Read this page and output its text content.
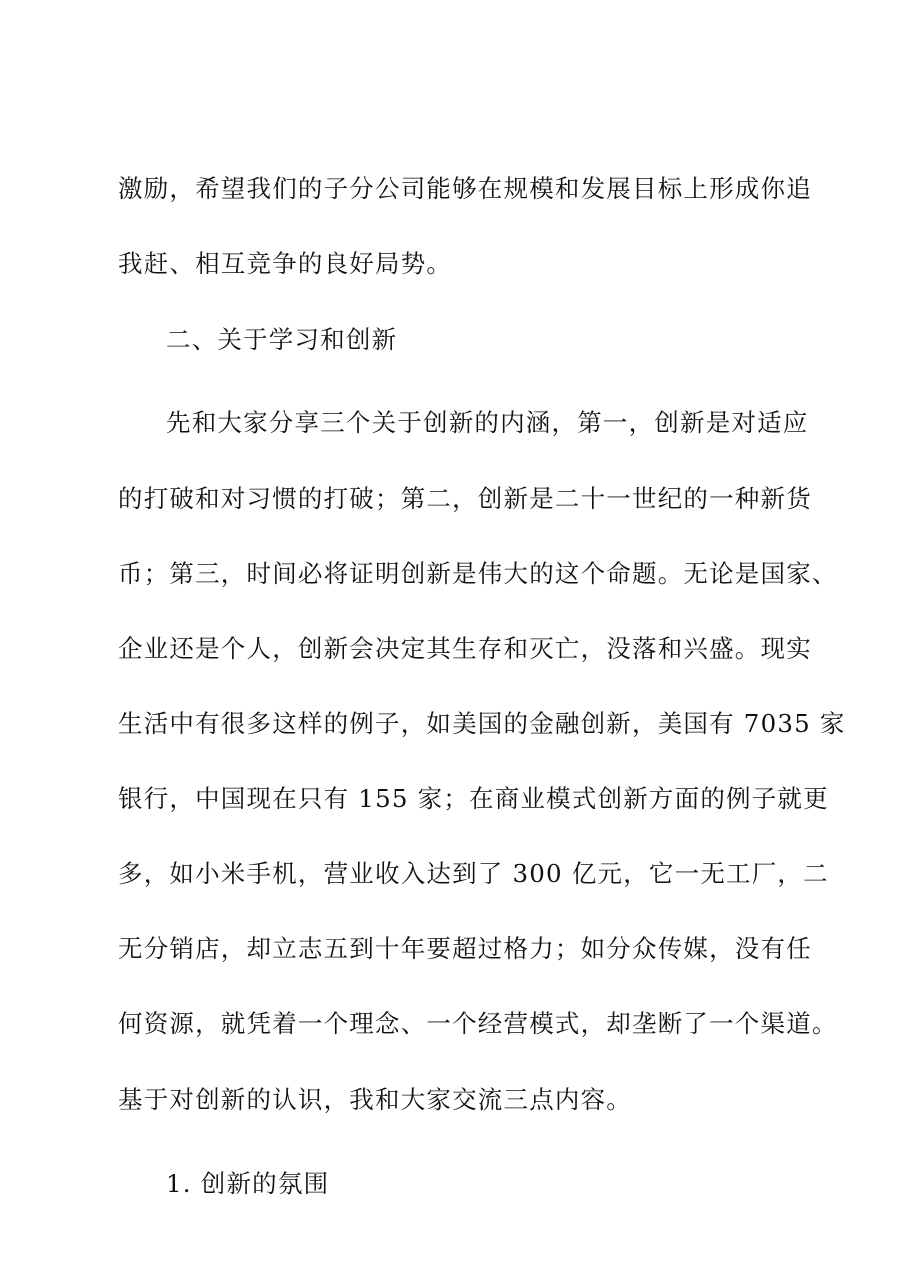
激励，希望我们的子分公司能够在规模和发展目标上形成你追
我赶、相互竞争的良好局势。
二、关于学习和创新
先和大家分享三个关于创新的内涵，第一，创新是对适应
的打破和对习惯的打破；第二，创新是二十一世纪的一种新货
币；第三，时间必将证明创新是伟大的这个命题。无论是国家、
企业还是个人，创新会决定其生存和灭亡，没落和兴盛。现实
生活中有很多这样的例子，如美国的金融创新，美国有 7035 家
银行，中国现在只有 155 家；在商业模式创新方面的例子就更
多，如小米手机，营业收入达到了 300 亿元，它一无工厂，二
无分销店，却立志五到十年要超过格力；如分众传媒，没有任
何资源，就凭着一个理念、一个经营模式，却垄断了一个渠道。
基于对创新的认识，我和大家交流三点内容。
1. 创新的氛围
